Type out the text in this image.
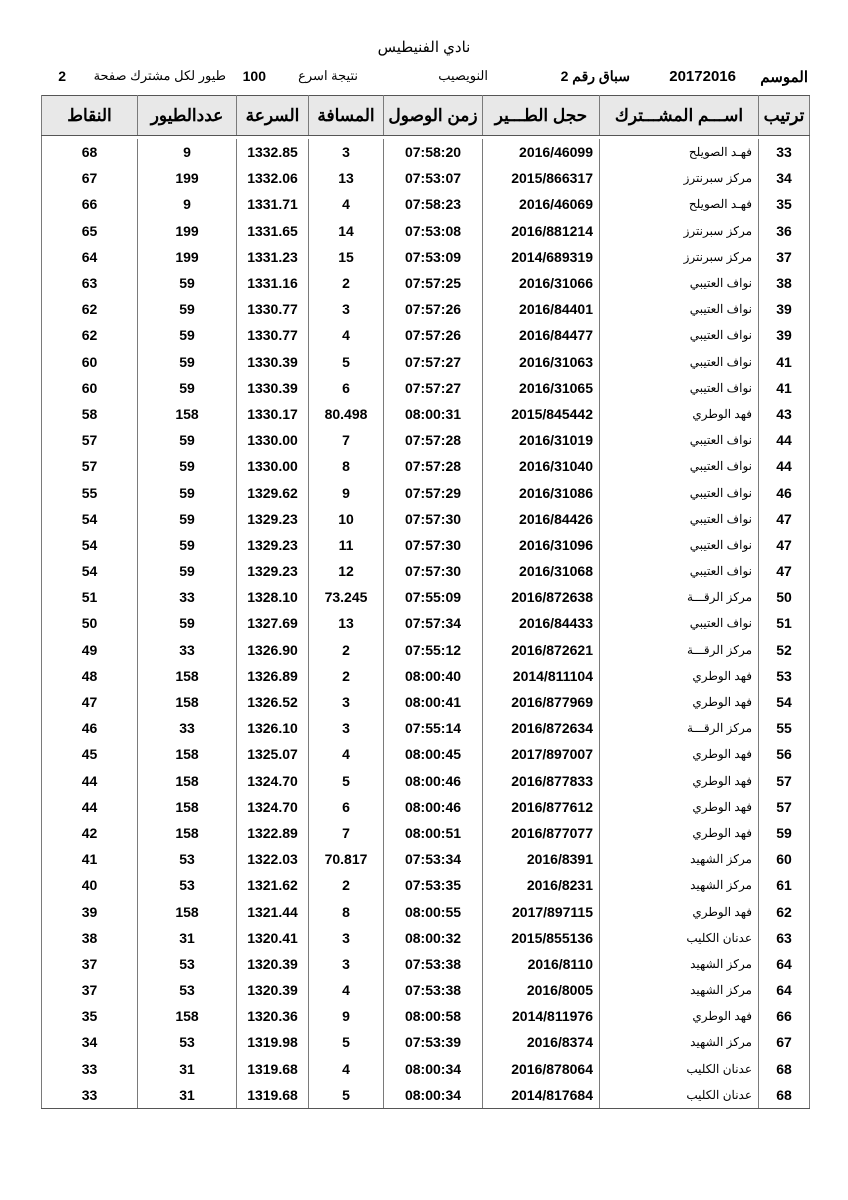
نادي الفنيطيس
الموسم
20172016
سباق رقم 2
النويصيب
نتيجة اسرع
100
طيور لكل مشترك صفحة
2
ترتيب	اســـم المشـــترك	حجل الطـــير	زمن الوصول	المسافة	السرعة	عددالطيور	النقاط

33	فهـد الصويلح	2016/46099	07:58:20	3	1332.85	9	68
34	مركز سبرنترز	2015/866317	07:53:07	13	1332.06	199	67
35	فهـد الصويلح	2016/46069	07:58:23	4	1331.71	9	66
36	مركز سبرنترز	2016/881214	07:53:08	14	1331.65	199	65
37	مركز سبرنترز	2014/689319	07:53:09	15	1331.23	199	64
38	نواف العتيبي	2016/31066	07:57:25	2	1331.16	59	63
39	نواف العتيبي	2016/84401	07:57:26	3	1330.77	59	62
39	نواف العتيبي	2016/84477	07:57:26	4	1330.77	59	62
41	نواف العتيبي	2016/31063	07:57:27	5	1330.39	59	60
41	نواف العتيبي	2016/31065	07:57:27	6	1330.39	59	60
43	فهد الوطري	2015/845442	08:00:31	80.498	1330.17	158	58
44	نواف العتيبي	2016/31019	07:57:28	7	1330.00	59	57
44	نواف العتيبي	2016/31040	07:57:28	8	1330.00	59	57
46	نواف العتيبي	2016/31086	07:57:29	9	1329.62	59	55
47	نواف العتيبي	2016/84426	07:57:30	10	1329.23	59	54
47	نواف العتيبي	2016/31096	07:57:30	11	1329.23	59	54
47	نواف العتيبي	2016/31068	07:57:30	12	1329.23	59	54
50	مركز الرقـــة	2016/872638	07:55:09	73.245	1328.10	33	51
51	نواف العتيبي	2016/84433	07:57:34	13	1327.69	59	50
52	مركز الرقـــة	2016/872621	07:55:12	2	1326.90	33	49
53	فهد الوطري	2014/811104	08:00:40	2	1326.89	158	48
54	فهد الوطري	2016/877969	08:00:41	3	1326.52	158	47
55	مركز الرقـــة	2016/872634	07:55:14	3	1326.10	33	46
56	فهد الوطري	2017/897007	08:00:45	4	1325.07	158	45
57	فهد الوطري	2016/877833	08:00:46	5	1324.70	158	44
57	فهد الوطري	2016/877612	08:00:46	6	1324.70	158	44
59	فهد الوطري	2016/877077	08:00:51	7	1322.89	158	42
60	مركز الشهيد	2016/8391	07:53:34	70.817	1322.03	53	41
61	مركز الشهيد	2016/8231	07:53:35	2	1321.62	53	40
62	فهد الوطري	2017/897115	08:00:55	8	1321.44	158	39
63	عدنان الكليب	2015/855136	08:00:32	3	1320.41	31	38
64	مركز الشهيد	2016/8110	07:53:38	3	1320.39	53	37
64	مركز الشهيد	2016/8005	07:53:38	4	1320.39	53	37
66	فهد الوطري	2014/811976	08:00:58	9	1320.36	158	35
67	مركز الشهيد	2016/8374	07:53:39	5	1319.98	53	34
68	عدنان الكليب	2016/878064	08:00:34	4	1319.68	31	33
68	عدنان الكليب	2014/817684	08:00:34	5	1319.68	31	33
